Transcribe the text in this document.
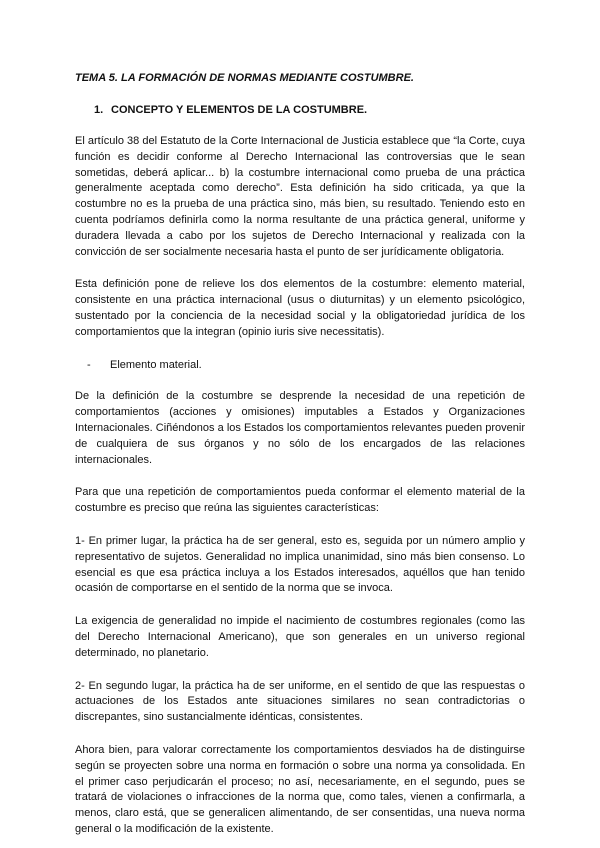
TEMA 5. LA FORMACIÓN DE NORMAS MEDIANTE COSTUMBRE.
1. CONCEPTO Y ELEMENTOS DE LA COSTUMBRE.

El artículo 38 del Estatuto de la Corte Internacional de Justicia establece que “la Corte, cuya función es decidir conforme al Derecho Internacional las controversias que le sean sometidas, deberá aplicar... b) la costumbre internacional como prueba de una práctica generalmente aceptada como derecho”. Esta definición ha sido criticada, ya que la costumbre no es la prueba de una práctica sino, más bien, su resultado. Teniendo esto en cuenta podríamos definirla como la norma resultante de una práctica general, uniforme y duradera llevada a cabo por los sujetos de Derecho Internacional y realizada con la convicción de ser socialmente necesaria hasta el punto de ser jurídicamente obligatoria.

Esta definición pone de relieve los dos elementos de la costumbre: elemento material, consistente en una práctica internacional (usus o diuturnitas) y un elemento psicológico, sustentado por la conciencia de la necesidad social y la obligatoriedad jurídica de los comportamientos que la integran (opinio iuris sive necessitatis).

-	Elemento material.

De la definición de la costumbre se desprende la necesidad de una repetición de comportamientos (acciones y omisiones) imputables a Estados y Organizaciones Internacionales. Ciñéndonos a los Estados los comportamientos relevantes pueden provenir de cualquiera de sus órganos y no sólo de los encargados de las relaciones internacionales.

Para que una repetición de comportamientos pueda conformar el elemento material de la costumbre es preciso que reúna las siguientes características:

1- En primer lugar, la práctica ha de ser general, esto es, seguida por un número amplio y representativo de sujetos. Generalidad no implica unanimidad, sino más bien consenso. Lo esencial es que esa práctica incluya a los Estados interesados, aquéllos que han tenido ocasión de comportarse en el sentido de la norma que se invoca.

La exigencia de generalidad no impide el nacimiento de costumbres regionales (como las del Derecho Internacional Americano), que son generales en un universo regional determinado, no planetario.

2- En segundo lugar, la práctica ha de ser uniforme, en el sentido de que las respuestas o actuaciones de los Estados ante situaciones similares no sean contradictorias o discrepantes, sino sustancialmente idénticas, consistentes.

Ahora bien, para valorar correctamente los comportamientos desviados ha de distinguirse según se proyecten sobre una norma en formación o sobre una norma ya consolidada. En el primer caso perjudicarán el proceso; no así, necesariamente, en el segundo, pues se tratará de violaciones o infracciones de la norma que, como tales, vienen a confirmarla, a menos, claro está, que se generalicen alimentando, de ser consentidas, una nueva norma general o la modificación de la existente.
